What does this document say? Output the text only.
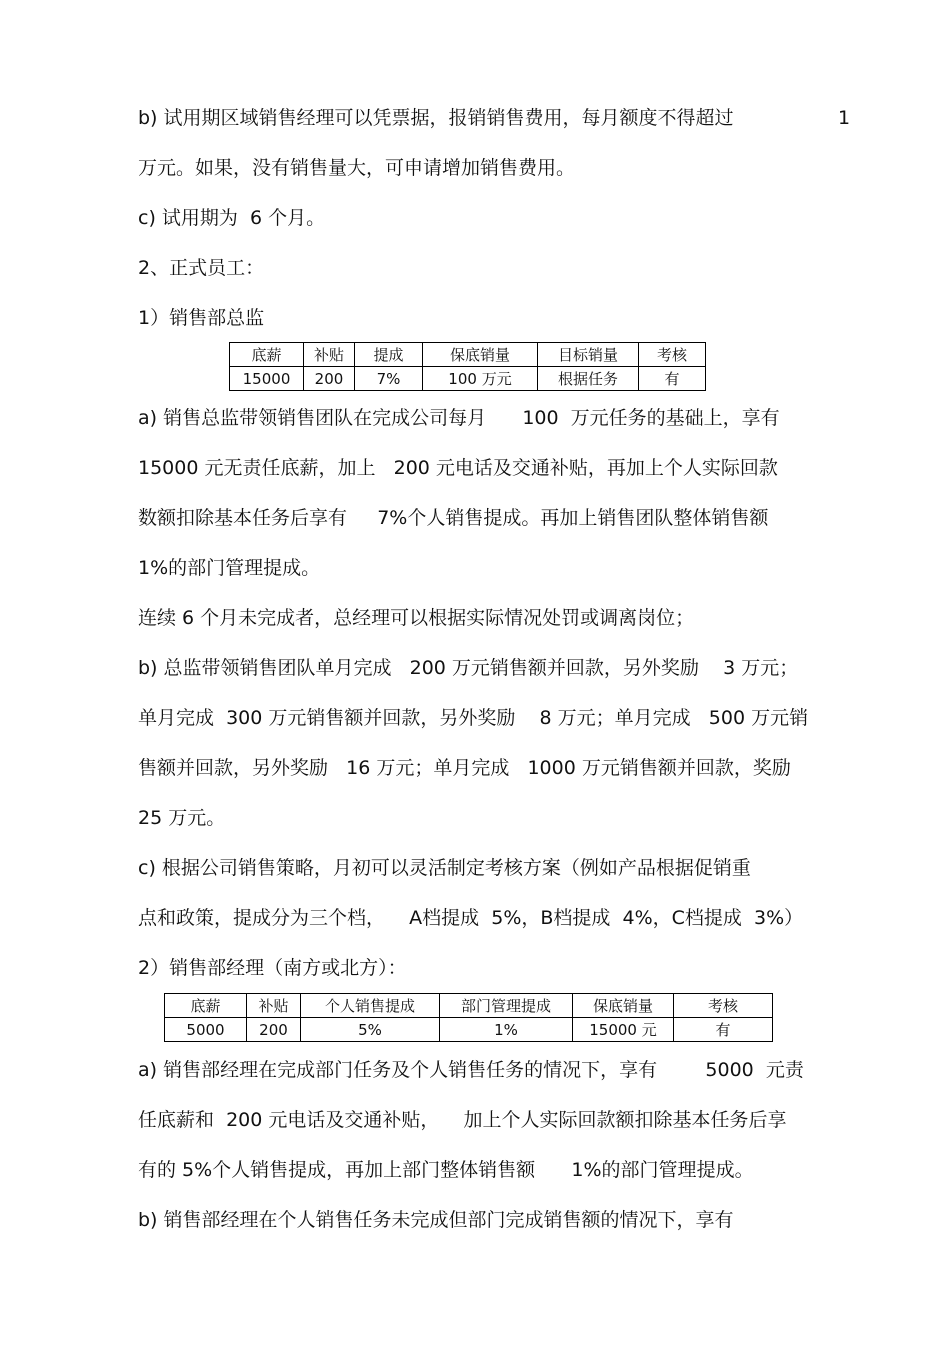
b) 试用期区域销售经理可以凭票据，报销销售费用，每月额度不得超过	1
万元。如果，没有销售量大，可申请增加销售费用。
c) 试用期为  6 个月。
2、正式员工：
1）销售部总监
底薪	补贴	提成	保底销量	目标销量	考核
15000	200	7%	100 万元	根据任务	有
a) 销售总监带领销售团队在完成公司每月      100  万元任务的基础上，享有
15000 元无责任底薪，加上   200 元电话及交通补贴，再加上个人实际回款
数额扣除基本任务后享有     7%个人销售提成。再加上销售团队整体销售额
1%的部门管理提成。
连续 6 个月未完成者，总经理可以根据实际情况处罚或调离岗位；
b) 总监带领销售团队单月完成   200 万元销售额并回款，另外奖励    3 万元；
单月完成  300 万元销售额并回款，另外奖励    8 万元；单月完成   500 万元销
售额并回款，另外奖励   16 万元；单月完成   1000 万元销售额并回款，奖励
25 万元。
c) 根据公司销售策略，月初可以灵活制定考核方案（例如产品根据促销重
点和政策，提成分为三个档，    A档提成  5%，B档提成  4%，C档提成  3%）
2）销售部经理（南方或北方）：
底薪	补贴	个人销售提成	部门管理提成	保底销量	考核
5000	200	5%	1%	15000 元	有
a) 销售部经理在完成部门任务及个人销售任务的情况下，享有        5000  元责
任底薪和  200 元电话及交通补贴，    加上个人实际回款额扣除基本任务后享
有的 5%个人销售提成，再加上部门整体销售额      1%的部门管理提成。
b) 销售部经理在个人销售任务未完成但部门完成销售额的情况下，享有
